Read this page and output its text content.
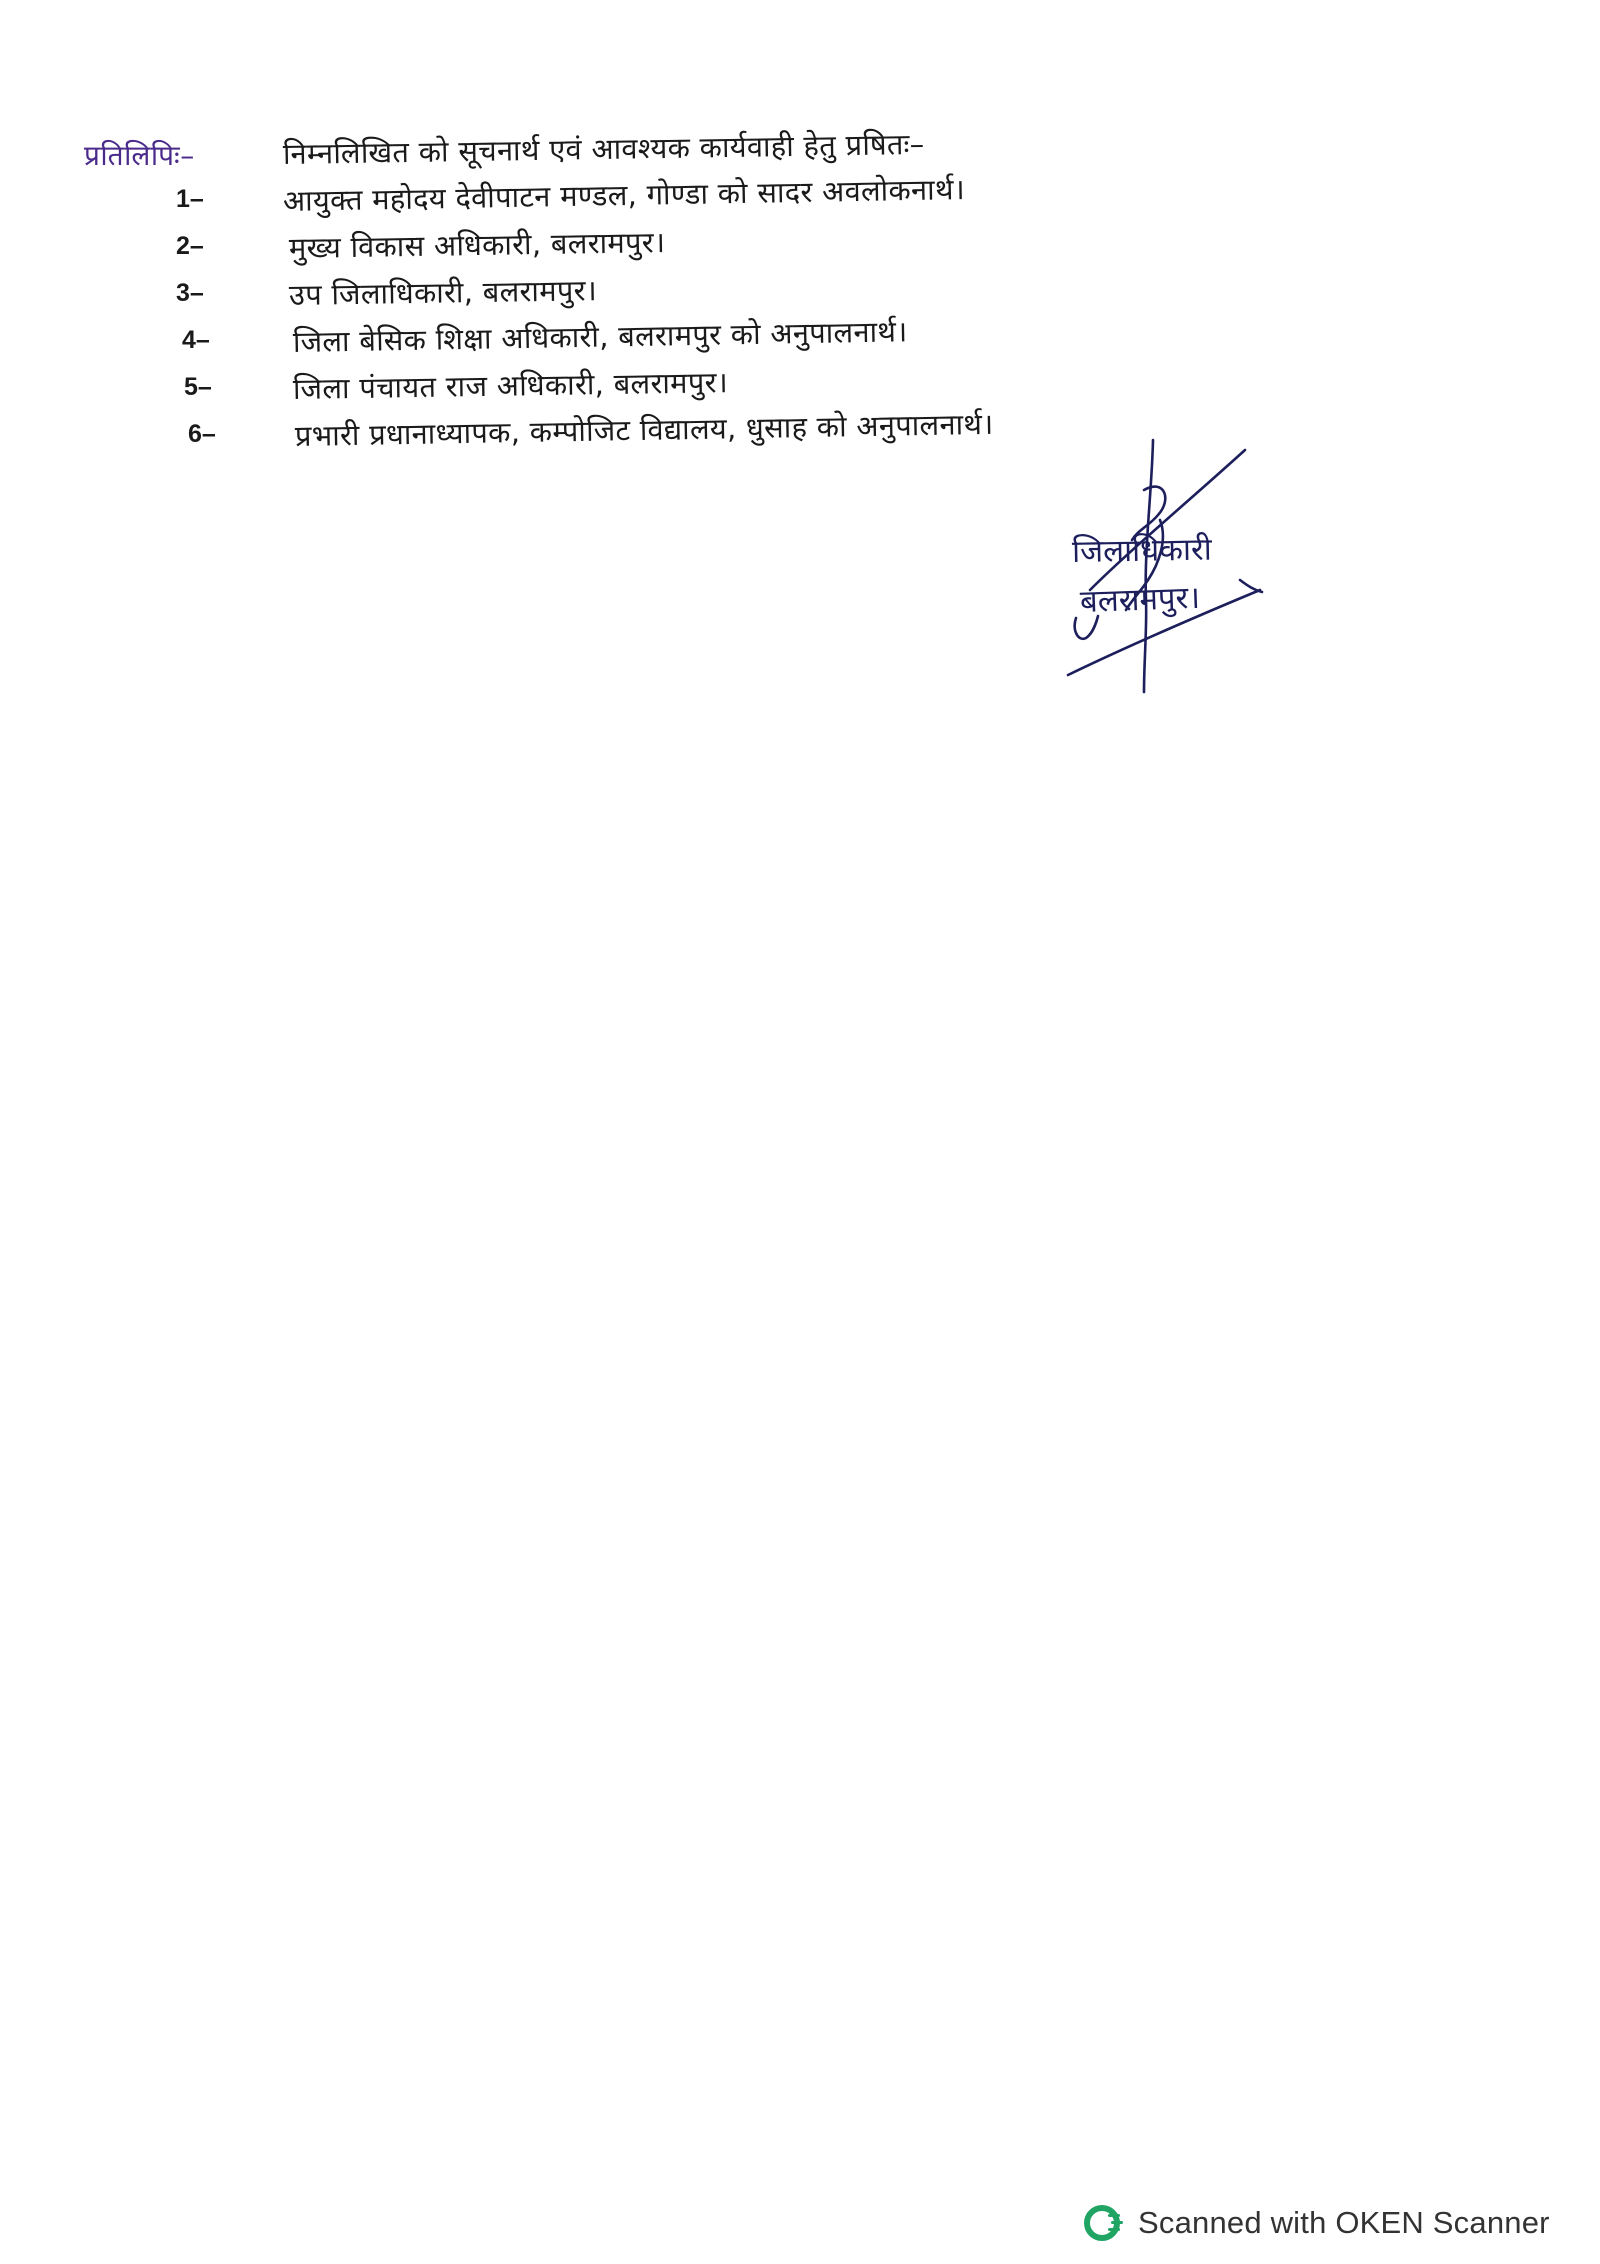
प्रतिलिपिः–	निम्नलिखित को सूचनार्थ एवं आवश्यक कार्यवाही हेतु प्रषितः–
1–	आयुक्त महोदय देवीपाटन मण्डल, गोण्डा को सादर अवलोकनार्थ।
2–	मुख्य विकास अधिकारी, बलरामपुर।
3–	उप जिलाधिकारी, बलरामपुर।
4–	जिला बेसिक शिक्षा अधिकारी, बलरामपुर को अनुपालनार्थ।
5–	जिला पंचायत राज अधिकारी, बलरामपुर।
6–	प्रभारी प्रधानाध्यापक, कम्पोजिट विद्यालय, धुसाह को अनुपालनार्थ।
जिलाधिकारी
बलरामपुर।
Scanned with OKEN Scanner
